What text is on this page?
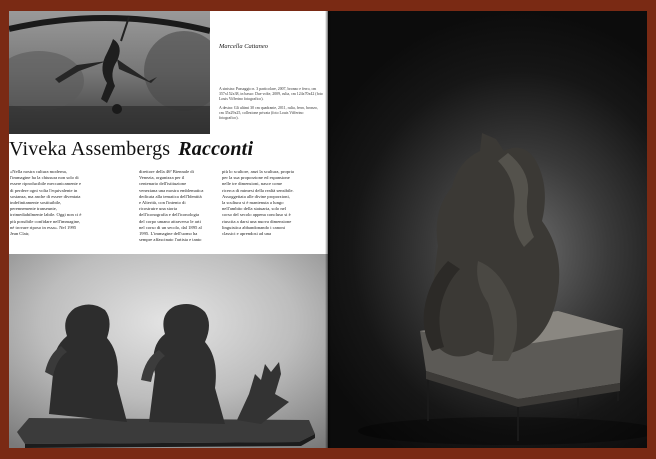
Marcella Cattaneo

A sinistra: Passaggio n. 3 particolare, 2007, bronzo e ferro, cm 357x152x38, in basso: Due volte, 2009, rulia, cm 124x70x42 (foto Louis Vifferino fotografico).

A destra: Gli ultimi 30 cm quadrante, 2011, rulia, ferro, bronzo, cm 35x29x25, collezione privata (foto Louis Vifferino fotografico).

Viveka Assembergs Racconti
«Nella nostra cultura moderna, l'immagine ha la chiusura non solo di essere riproducibile meccanicamente e di perdere ogni volta l'equivalente in sostanza, ma anche di essere diventata indefinitamente sostituibile, perennemente transeunte, irrimediabilmente labile. Oggi non ci è più possibile confidare nell'immagine, né trovare riposo in essa». Nel 1995 Jean Clair,
direttore della 46ª Biennale di Venezia, organizza per il centenario dell'istituzione veneziana una mostra emblematica dedicata alla tematica dell'Identità e Alterità, con l'intento di ricostruire una storia dell'iconografia e dell'iconologia del corpo umano attraverso le arti nel corso di un secolo, dal 1895 al 1995. L'immagine dell'uomo ha sempre affascinato l'artista e tanto
più lo scultore, anzi la scultura, propria per la sua proporzione ed espansione nelle tre dimensioni, nasce come ricerca di mimesi della realtà sensibile. Assoggettata alle divine proporzioni, la scultura si è mantenuta a lungo nell'ambito della statuaria, solo nel corso del secolo appena concluso si è riuscita a darsi una nuova dimensione linguistica abbandonando i canoni classici e aprendosi ad una
